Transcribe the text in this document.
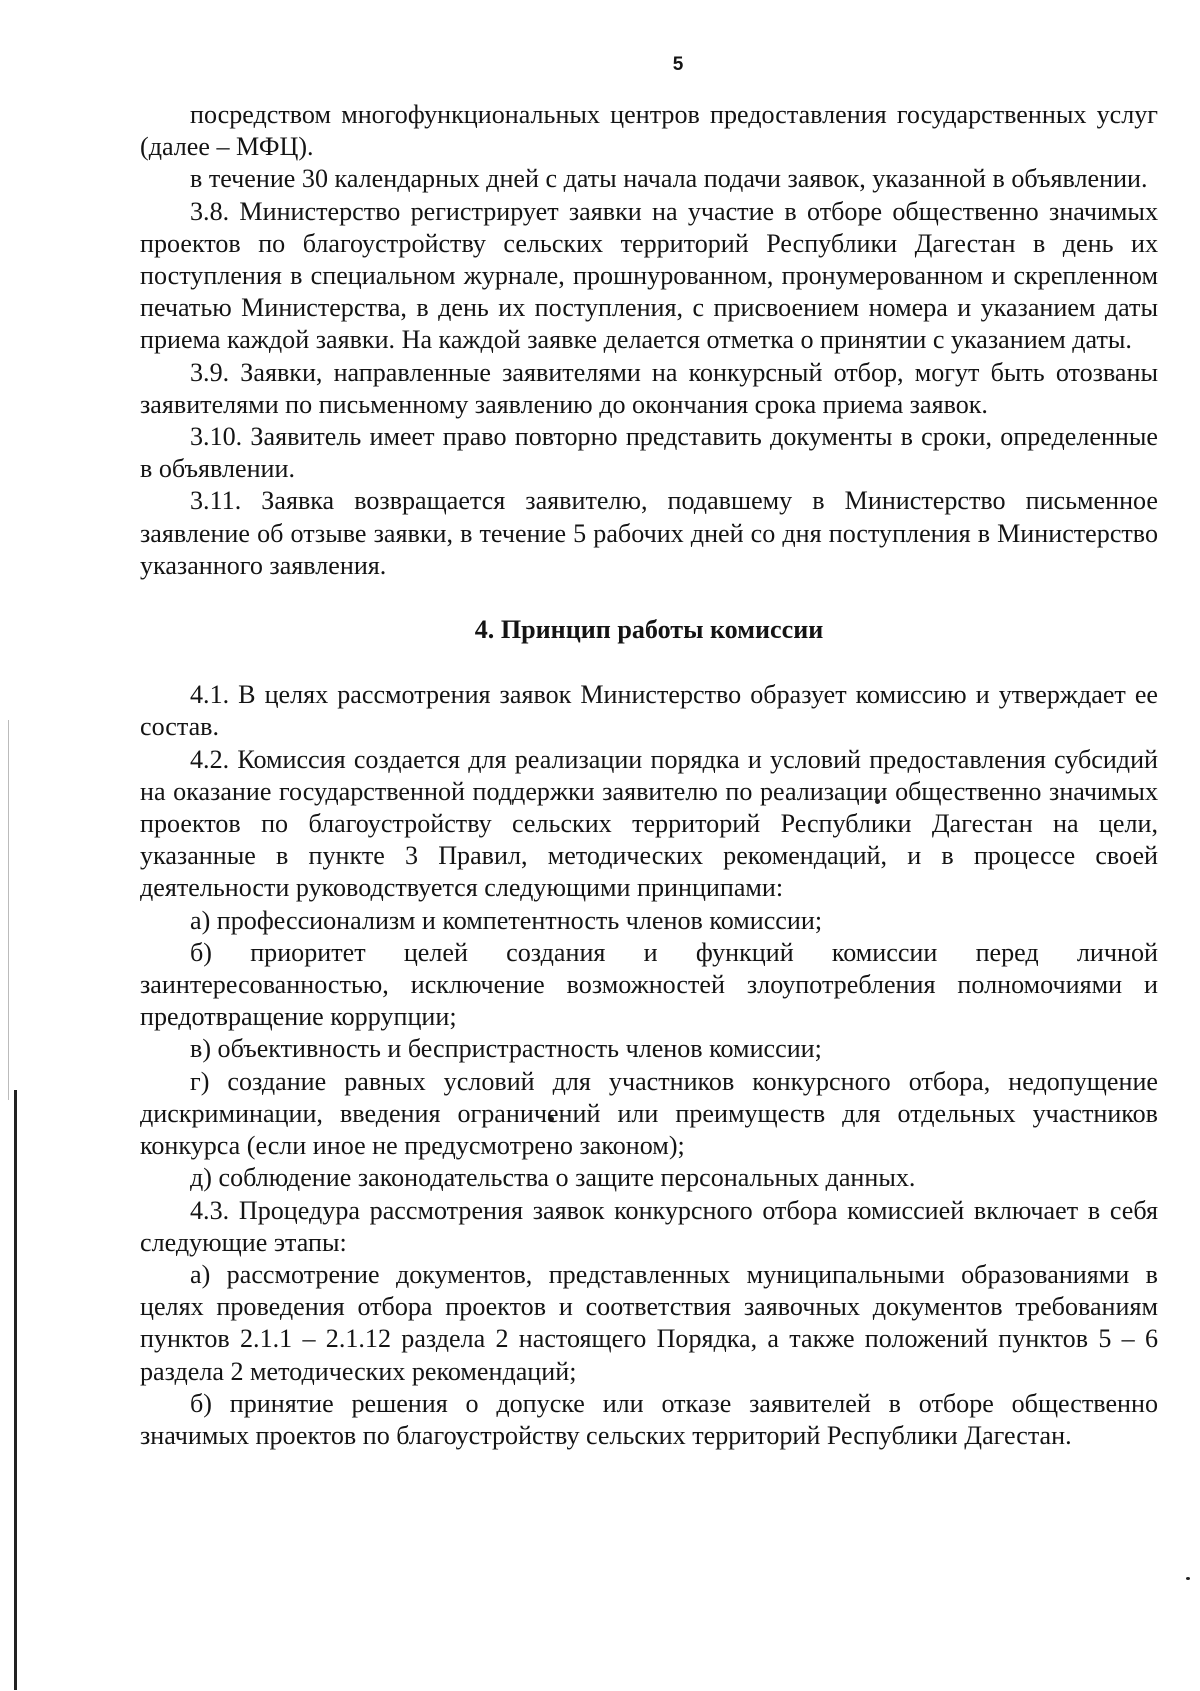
5

посредством многофункциональных центров предоставления государственных услуг (далее – МФЦ).

в течение 30 календарных дней с даты начала подачи заявок, указанной в объявлении.

3.8. Министерство регистрирует заявки на участие в отборе общественно значимых проектов по благоустройству сельских территорий Республики Дагестан в день их поступления в специальном журнале, прошнурованном, пронумерованном и скрепленном печатью Министерства, в день их поступления, с присвоением номера и указанием даты приема каждой заявки. На каждой заявке делается отметка о принятии с указанием даты.

3.9. Заявки, направленные заявителями на конкурсный отбор, могут быть отозваны заявителями по письменному заявлению до окончания срока приема заявок.

3.10. Заявитель имеет право повторно представить документы в сроки, определенные в объявлении.

3.11. Заявка возвращается заявителю, подавшему в Министерство письменное заявление об отзыве заявки, в течение 5 рабочих дней со дня поступления в Министерство указанного заявления.

4. Принцип работы комиссии

4.1. В целях рассмотрения заявок Министерство образует комиссию и утверждает ее состав.

4.2. Комиссия создается для реализации порядка и условий предоставления субсидий на оказание государственной поддержки заявителю по реализации общественно значимых проектов по благоустройству сельских территорий Республики Дагестан на цели, указанные в пункте 3 Правил, методических рекомендаций, и в процессе своей деятельности руководствуется следующими принципами:

а) профессионализм и компетентность членов комиссии;

б) приоритет целей создания и функций комиссии перед личной заинтересованностью, исключение возможностей злоупотребления полномочиями и предотвращение коррупции;

в) объективность и беспристрастность членов комиссии;

г) создание равных условий для участников конкурсного отбора, недопущение дискриминации, введения ограничений или преимуществ для отдельных участников конкурса (если иное не предусмотрено законом);

д) соблюдение законодательства о защите персональных данных.

4.3. Процедура рассмотрения заявок конкурсного отбора комиссией включает в себя следующие этапы:

а) рассмотрение документов, представленных муниципальными образованиями в целях проведения отбора проектов и соответствия заявочных документов требованиям пунктов 2.1.1 – 2.1.12 раздела 2 настоящего Порядка, а также положений пунктов 5 – 6 раздела 2 методических рекомендаций;

б) принятие решения о допуске или отказе заявителей в отборе общественно значимых проектов по благоустройству сельских территорий Республики Дагестан.
